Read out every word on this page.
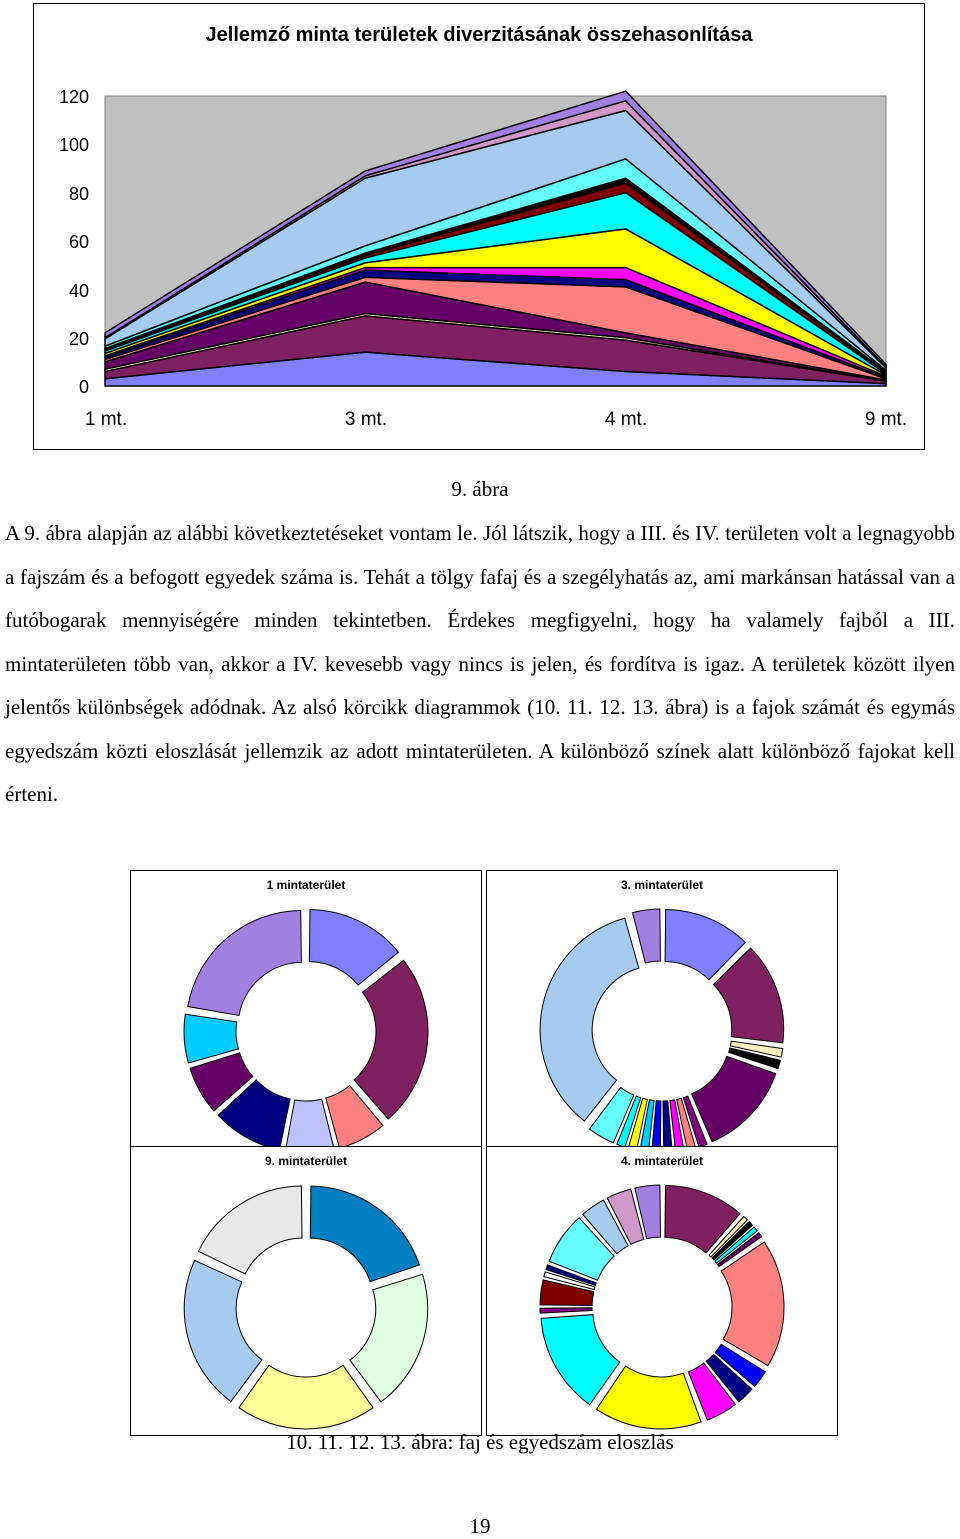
Jellemző minta területek diverzitásának összehasonlítása
120
100
80
60
40
20
0
1 mt.	3 mt.	4 mt.	9 mt.
9. ábra

A 9. ábra alapján az alábbi következtetéseket vontam le. Jól látszik, hogy a III. és IV. területen volt a legnagyobb a fajszám és a befogott egyedek száma is. Tehát a tölgy fafaj és a szegélyhatás az, ami markánsan hatással van a futóbogarak mennyiségére minden tekintetben. Érdekes megfigyelni, hogy ha valamely fajból a III. mintaterületen több van, akkor a IV. kevesebb vagy nincs is jelen, és fordítva is igaz. A területek között ilyen jelentős különbségek adódnak. Az alsó körcikk diagrammok (10. 11. 12. 13. ábra) is a fajok számát és egymás egyedszám közti eloszlását jellemzik az adott mintaterületen. A különböző színek alatt különböző fajokat kell érteni.

1 mintaterület	3. mintaterület
9. mintaterület	4. mintaterület
10. 11. 12. 13. ábra: faj és egyedszám eloszlás
19
